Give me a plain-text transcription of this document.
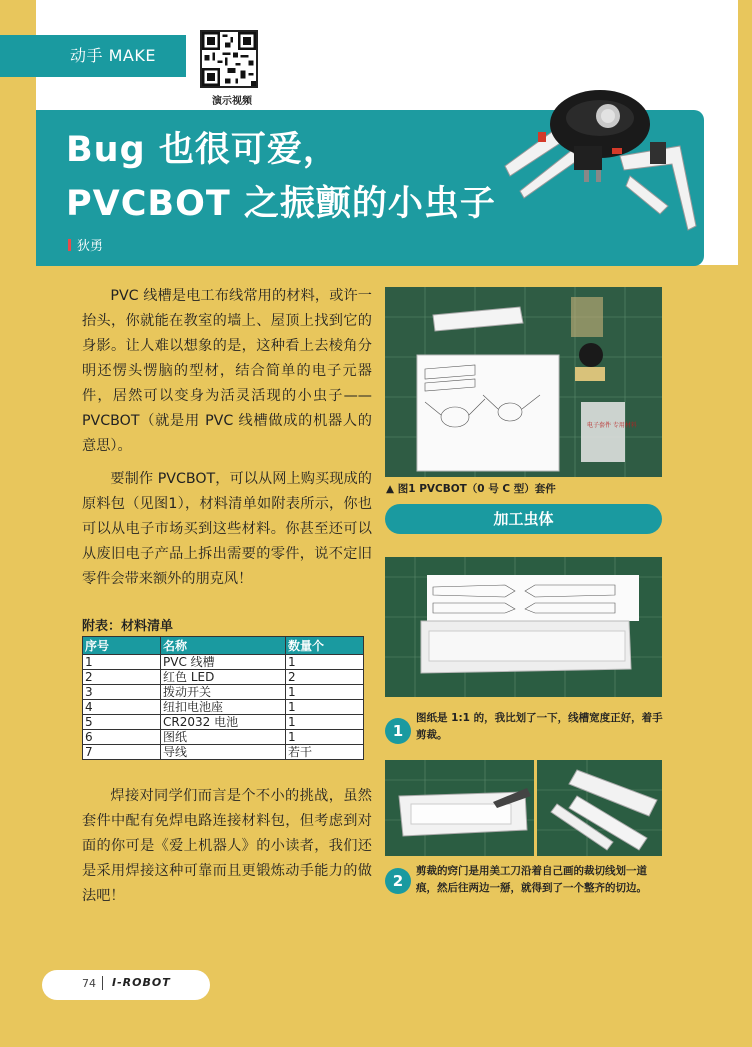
动手 MAKE
演示视频
Bug 也很可爱，
PVCBOT 之振颤的小虫子
狄勇
PVC 线槽是电工布线常用的材料，或许一抬头，你就能在教室的墙上、屋顶上找到它的身影。让人难以想象的是，这种看上去棱角分明还愣头愣脑的型材，结合简单的电子元器件，居然可以变身为活灵活现的小虫子——PVCBOT（就是用 PVC 线槽做成的机器人的意思）。
要制作 PVCBOT，可以从网上购买现成的原料包（见图1），材料清单如附表所示，你也可以从电子市场买到这些材料。你甚至还可以从废旧电子产品上拆出需要的零件，说不定旧零件会带来额外的朋克风！
附表：材料清单
序号	名称	数量个
1	PVC 线槽	1
2	红色 LED	2
3	拨动开关	1
4	纽扣电池座	1
5	CR2032 电池	1
6	图纸	1
7	导线	若干
焊接对同学们而言是个不小的挑战，虽然套件中配有免焊电路连接材料包，但考虑到对面的你可是《爱上机器人》的小读者，我们还是采用焊接这种可靠而且更锻炼动手能力的做法吧！
电子套件 专用材料
▲ 图1 PVCBOT（0 号 C 型）套件
加工虫体
1
图纸是 1:1 的，我比划了一下，线槽宽度正好，着手剪裁。
2
剪裁的窍门是用美工刀沿着自己画的裁切线划一道痕，然后往两边一掰，就得到了一个整齐的切边。
74 I-ROBOT
